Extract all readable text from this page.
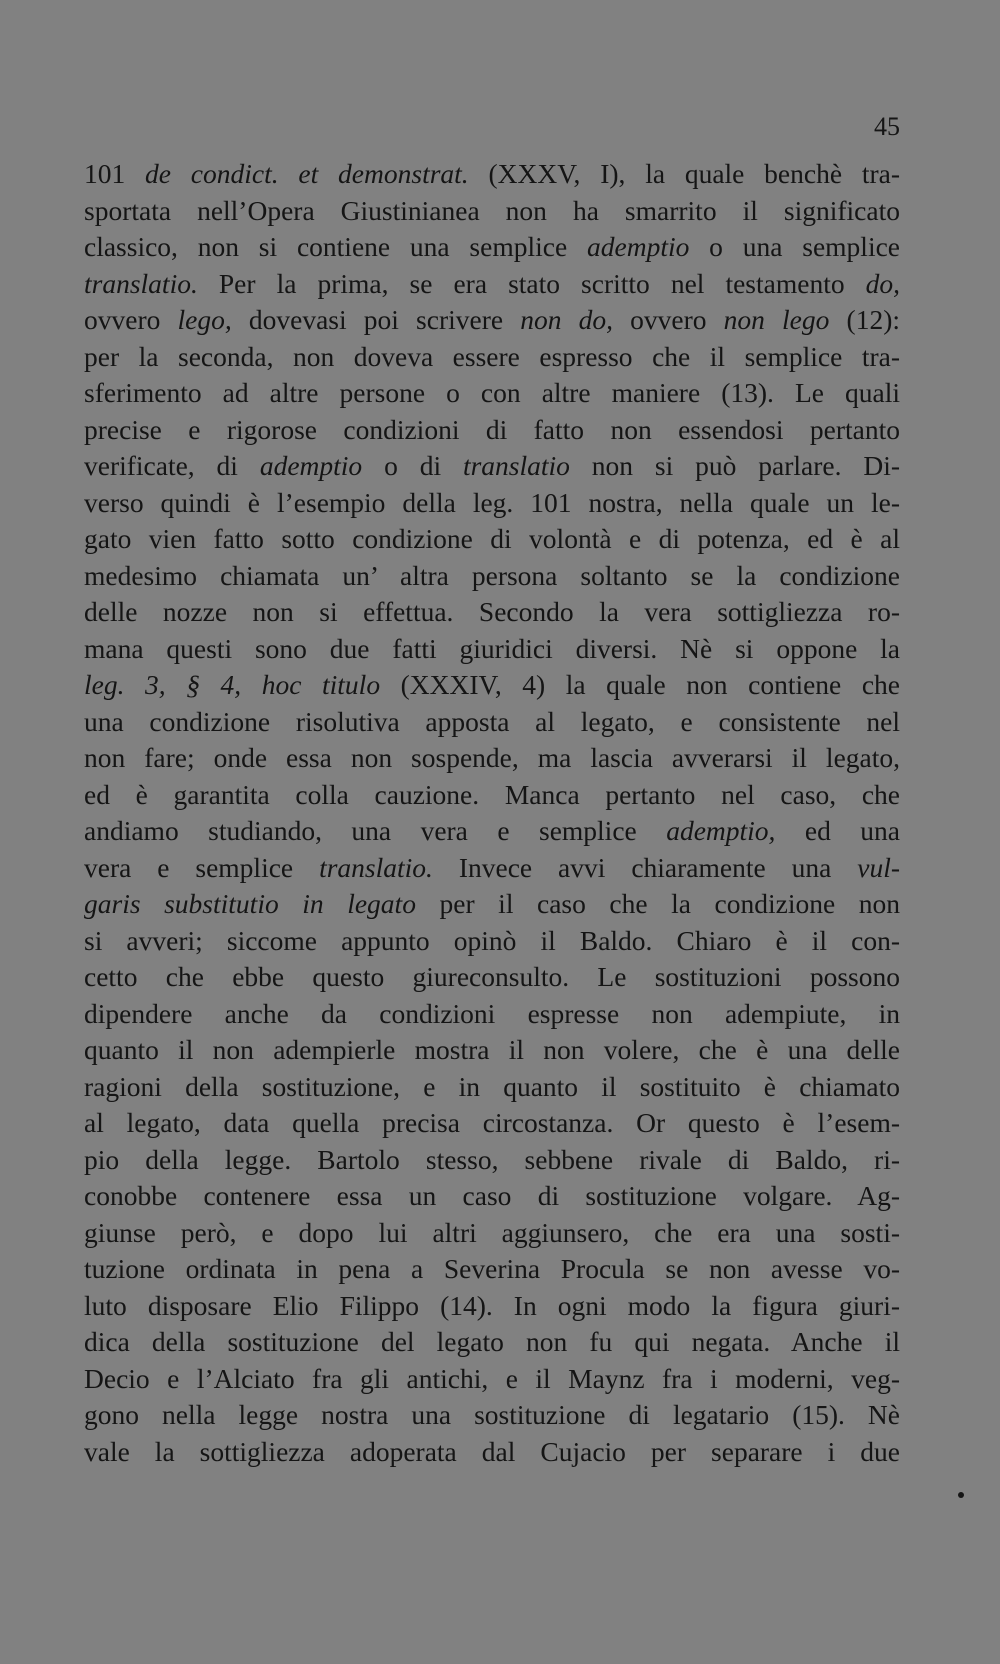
45
101 de condict. et demonstrat. (XXXV, I), la quale benchè tra-
sportata nell’Opera Giustinianea non ha smarrito il significato
classico, non si contiene una semplice ademptio o una semplice
translatio. Per la prima, se era stato scritto nel testamento do,
ovvero lego, dovevasi poi scrivere non do, ovvero non lego (12):
per la seconda, non doveva essere espresso che il semplice tra-
sferimento ad altre persone o con altre maniere (13). Le quali
precise e rigorose condizioni di fatto non essendosi pertanto
verificate, di ademptio o di translatio non si può parlare. Di-
verso quindi è l’esempio della leg. 101 nostra, nella quale un le-
gato vien fatto sotto condizione di volontà e di potenza, ed è al
medesimo chiamata un’ altra persona soltanto se la condizione
delle nozze non si effettua. Secondo la vera sottigliezza ro-
mana questi sono due fatti giuridici diversi. Nè si oppone la
leg. 3, § 4, hoc titulo (XXXIV, 4) la quale non contiene che
una condizione risolutiva apposta al legato, e consistente nel
non fare; onde essa non sospende, ma lascia avverarsi il legato,
ed è garantita colla cauzione. Manca pertanto nel caso, che
andiamo studiando, una vera e semplice ademptio, ed una
vera e semplice translatio. Invece avvi chiaramente una vul-
garis substitutio in legato per il caso che la condizione non
si avveri; siccome appunto opinò il Baldo. Chiaro è il con-
cetto che ebbe questo giureconsulto. Le sostituzioni possono
dipendere anche da condizioni espresse non adempiute, in
quanto il non adempierle mostra il non volere, che è una delle
ragioni della sostituzione, e in quanto il sostituito è chiamato
al legato, data quella precisa circostanza. Or questo è l’esem-
pio della legge. Bartolo stesso, sebbene rivale di Baldo, ri-
conobbe contenere essa un caso di sostituzione volgare. Ag-
giunse però, e dopo lui altri aggiunsero, che era una sosti-
tuzione ordinata in pena a Severina Procula se non avesse vo-
luto disposare Elio Filippo (14). In ogni modo la figura giuri-
dica della sostituzione del legato non fu qui negata. Anche il
Decio e l’Alciato fra gli antichi, e il Maynz fra i moderni, veg-
gono nella legge nostra una sostituzione di legatario (15). Nè
vale la sottigliezza adoperata dal Cujacio per separare i due
